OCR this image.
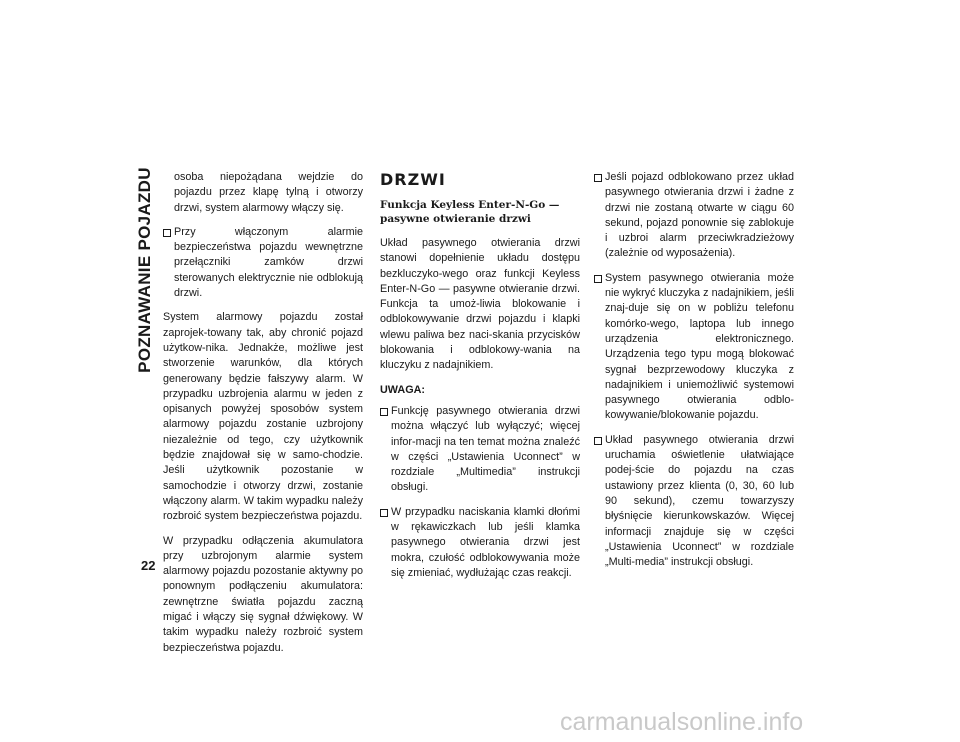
POZNAWANIE POJAZDU
22
osoba niepożądana wejdzie do pojazdu przez klapę tylną i otworzy drzwi, system alarmowy włączy się.
Przy włączonym alarmie bezpieczeństwa pojazdu wewnętrzne przełączniki zamków drzwi sterowanych elektrycznie nie odblokują drzwi.

System alarmowy pojazdu został zaprojek-towany tak, aby chronić pojazd użytkow-nika. Jednakże, możliwe jest stworzenie warunków, dla których generowany będzie fałszywy alarm. W przypadku uzbrojenia alarmu w jeden z opisanych powyżej sposobów system alarmowy pojazdu zostanie uzbrojony niezależnie od tego, czy użytkownik będzie znajdował się w samo-chodzie. Jeśli użytkownik pozostanie w samochodzie i otworzy drzwi, zostanie włączony alarm. W takim wypadku należy rozbroić system bezpieczeństwa pojazdu.

W przypadku odłączenia akumulatora przy uzbrojonym alarmie system alarmowy pojazdu pozostanie aktywny po ponownym podłączeniu akumulatora: zewnętrzne światła pojazdu zaczną migać i włączy się sygnał dźwiękowy. W takim wypadku należy rozbroić system bezpieczeństwa pojazdu.

DRZWI
Funkcja Keyless Enter-N-Go — pasywne otwieranie drzwi

Układ pasywnego otwierania drzwi stanowi dopełnienie układu dostępu bezkluczyko-wego oraz funkcji Keyless Enter-N-Go — pasywne otwieranie drzwi. Funkcja ta umoż-liwia blokowanie i odblokowywanie drzwi pojazdu i klapki wlewu paliwa bez naci-skania przycisków blokowania i odblokowy-wania na kluczyku z nadajnikiem.

UWAGA:

Funkcję pasywnego otwierania drzwi można włączyć lub wyłączyć; więcej infor-macji na ten temat można znaleźć w części „Ustawienia Uconnect” w rozdziale „Multimedia” instrukcji obsługi.
W przypadku naciskania klamki dłońmi w rękawiczkach lub jeśli klamka pasywnego otwierania drzwi jest mokra, czułość odblokowywania może się zmieniać, wydłużając czas reakcji.
Jeśli pojazd odblokowano przez układ pasywnego otwierania drzwi i żadne z drzwi nie zostaną otwarte w ciągu 60 sekund, pojazd ponownie się zablokuje i uzbroi alarm przeciwkradzieżowy (zależnie od wyposażenia).
System pasywnego otwierania może nie wykryć kluczyka z nadajnikiem, jeśli znaj-duje się on w pobliżu telefonu komórko-wego, laptopa lub innego urządzenia elektronicznego. Urządzenia tego typu mogą blokować sygnał bezprzewodowy kluczyka z nadajnikiem i uniemożliwić systemowi pasywnego otwierania odblo-kowywanie/blokowanie pojazdu.
Układ pasywnego otwierania drzwi uruchamia oświetlenie ułatwiające podej-ście do pojazdu na czas ustawiony przez klienta (0, 30, 60 lub 90 sekund), czemu towarzyszy błyśnięcie kierunkowskazów. Więcej informacji znajduje się w części „Ustawienia Uconnect” w rozdziale „Multi-media” instrukcji obsługi.
carmanualsonline.info
